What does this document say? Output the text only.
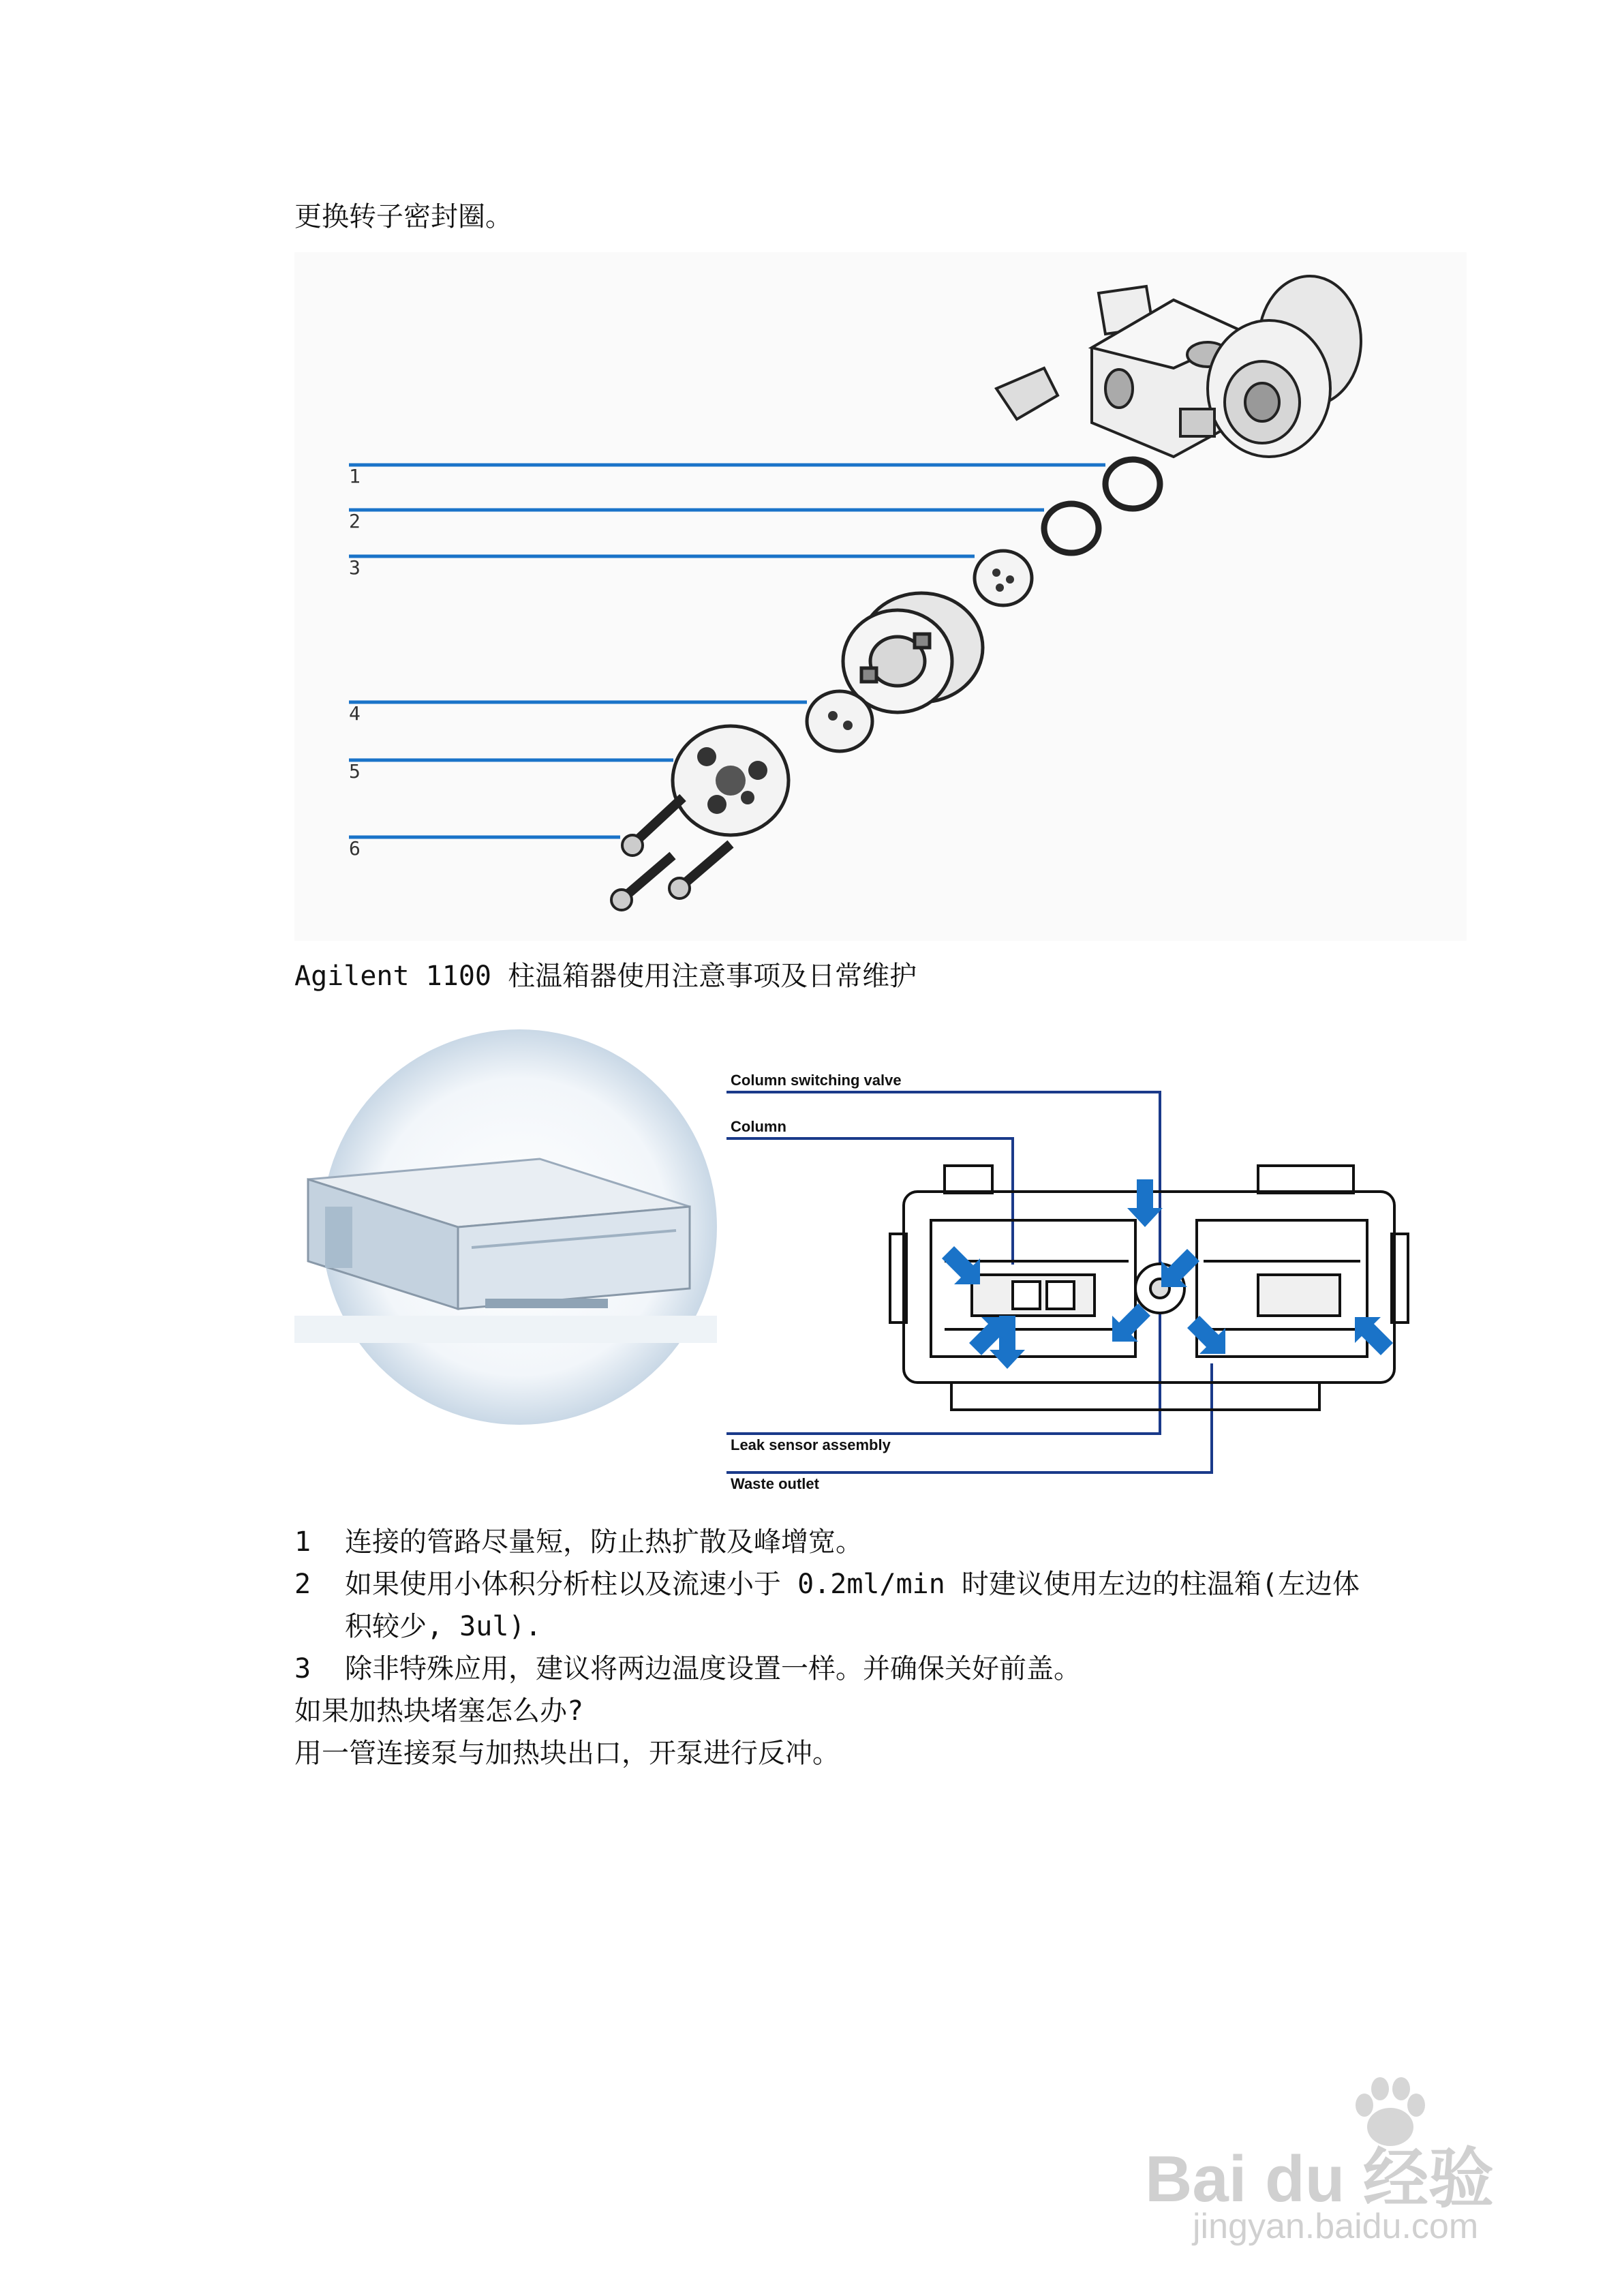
更换转子密封圈。
1
2
3
4
5
6
Agilent 1100 柱温箱器使用注意事项及日常维护
Column switching valve
Column
Leak sensor assembly
Waste outlet
1 连接的管路尽量短，防止热扩散及峰增宽。
2 如果使用小体积分析柱以及流速小于 0.2ml/min 时建议使用左边的柱温箱(左边体
积较少, 3ul).
3 除非特殊应用，建议将两边温度设置一样。并确保关好前盖。
如果加热块堵塞怎么办?
用一管连接泵与加热块出口，开泵进行反冲。
Bai du 经验
jingyan.baidu.com
